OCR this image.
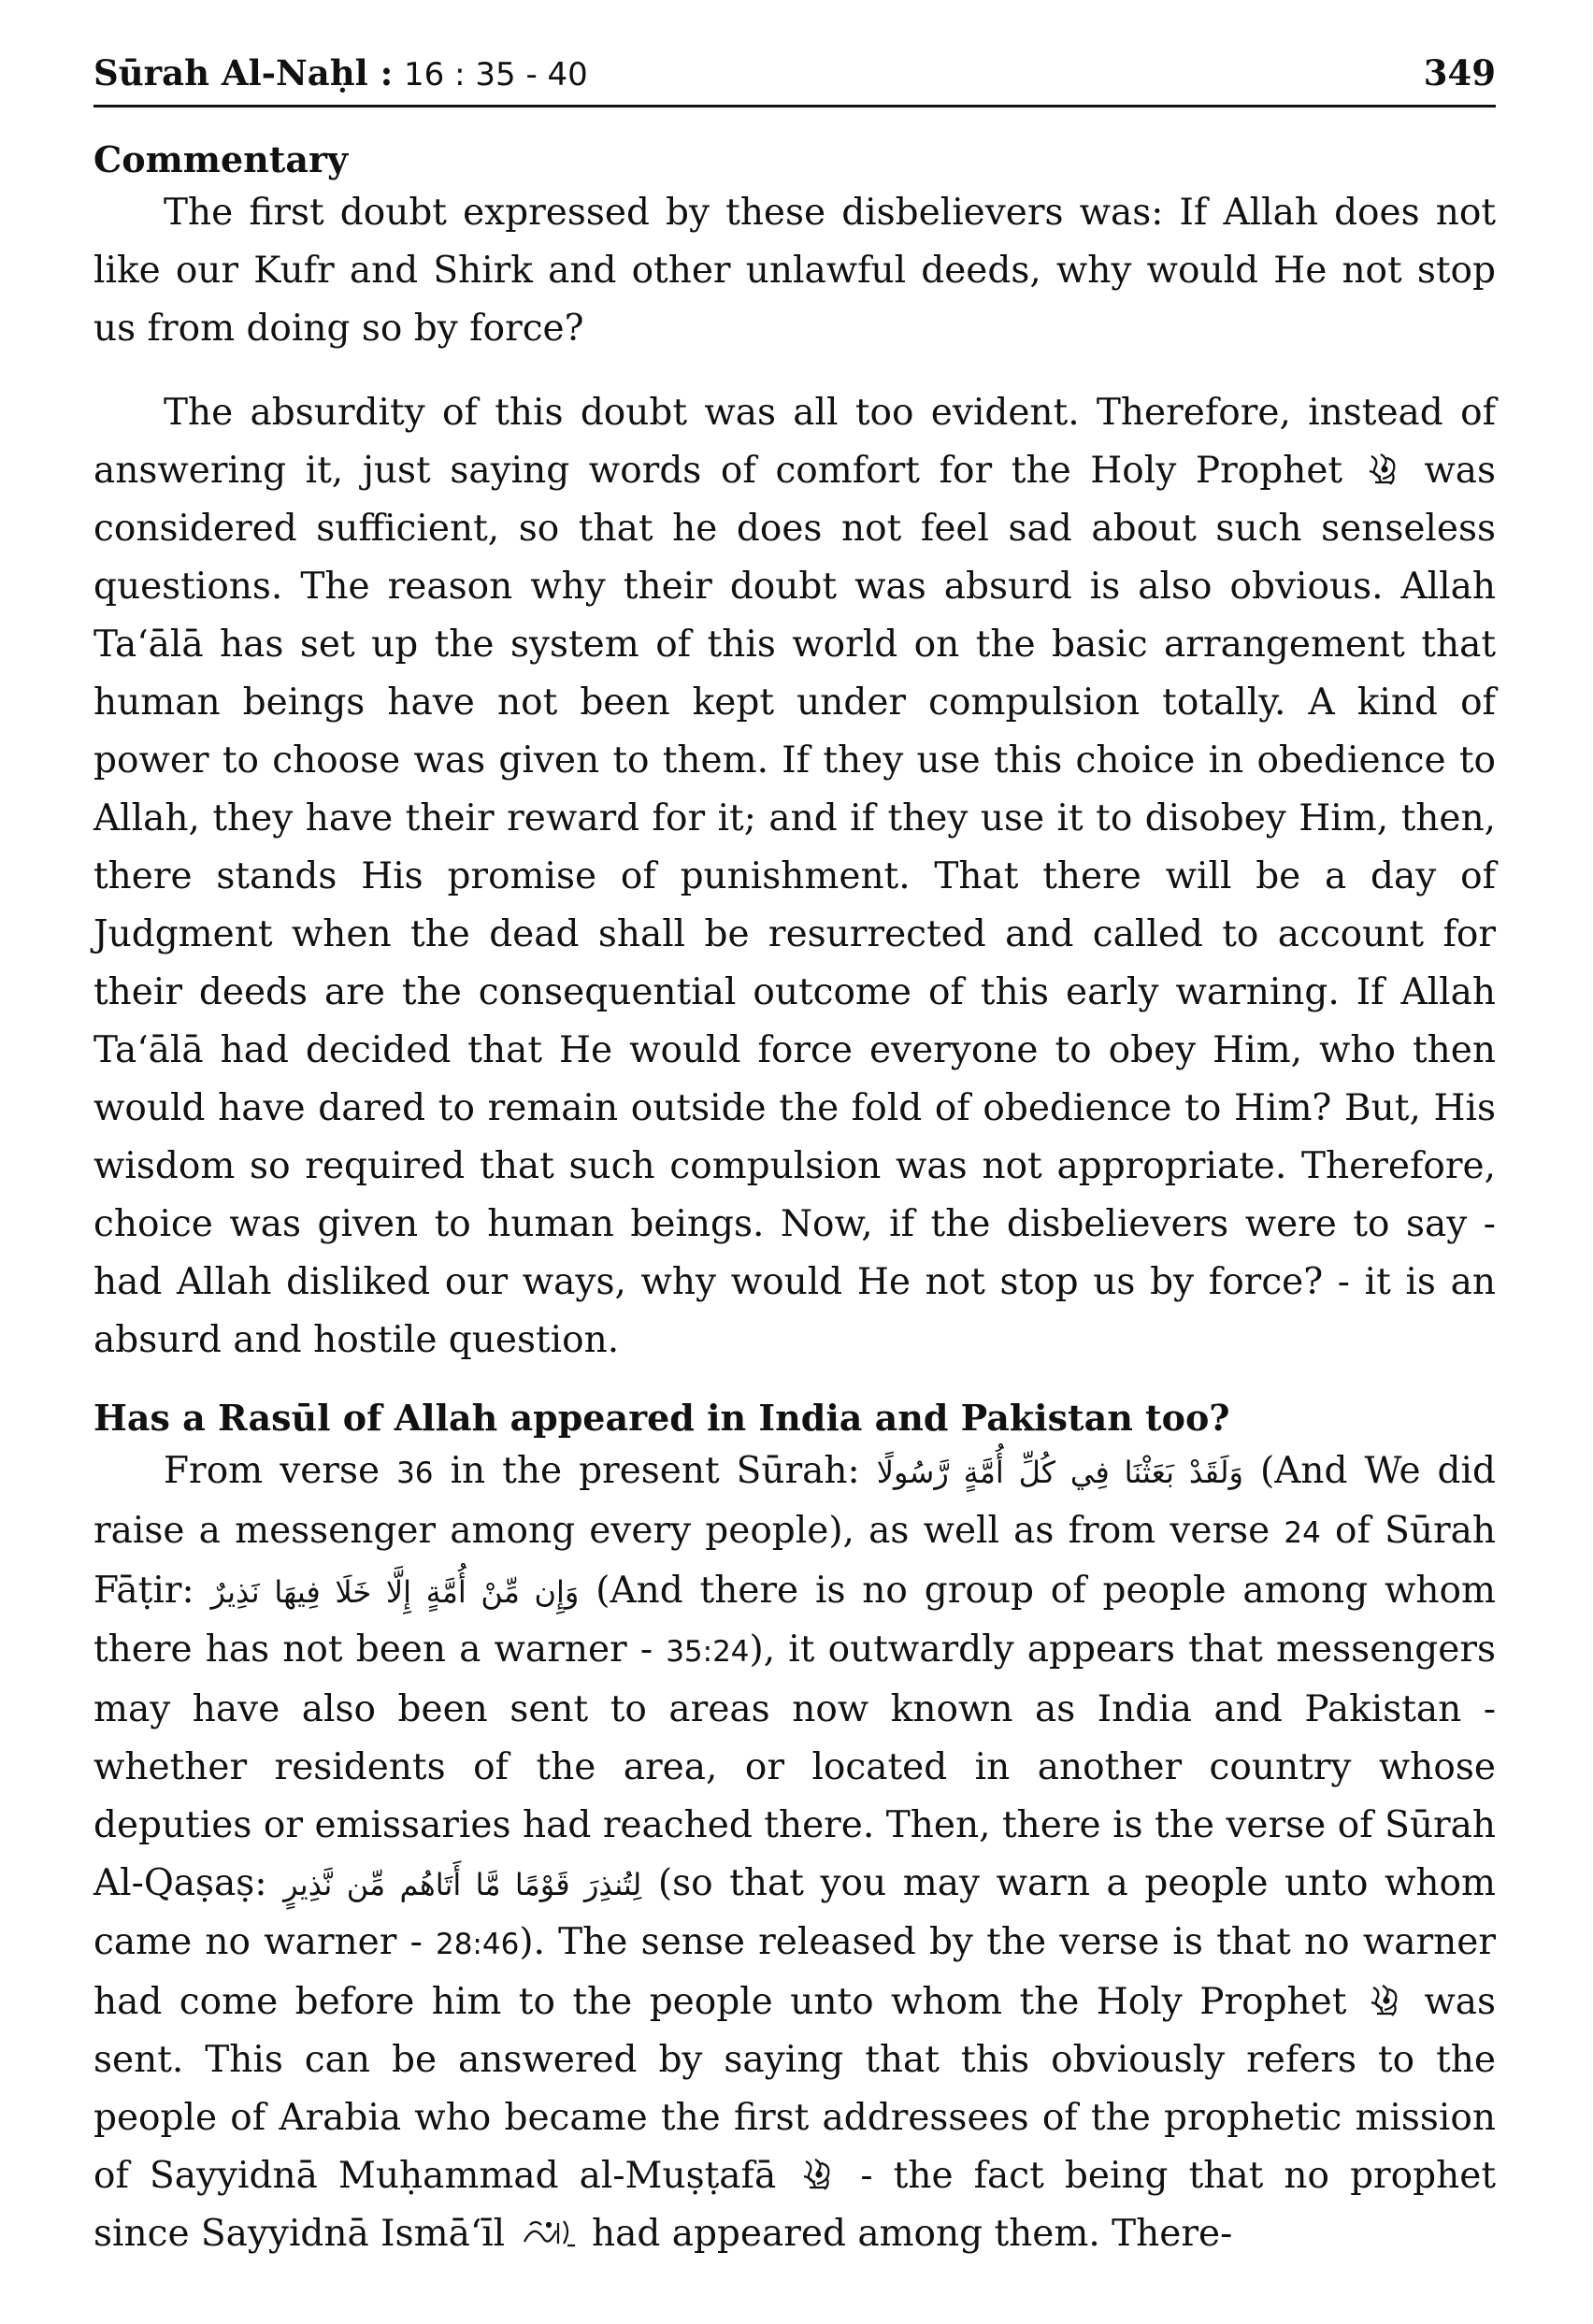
Sūrah Al-Naḥl : 16 : 35 - 40	349
Commentary

The first doubt expressed by these disbelievers was: If Allah does not like our Kufr and Shirk and other unlawful deeds, why would He not stop us from doing so by force?

The absurdity of this doubt was all too evident. Therefore, instead of answering it, just saying words of comfort for the Holy Prophet was considered sufficient, so that he does not feel sad about such senseless questions. The reason why their doubt was absurd is also obvious. Allah Ta‘ālā has set up the system of this world on the basic arrangement that human beings have not been kept under compulsion totally. A kind of power to choose was given to them. If they use this choice in obedience to Allah, they have their reward for it; and if they use it to disobey Him, then, there stands His promise of punishment. That there will be a day of Judgment when the dead shall be resurrected and called to account for their deeds are the consequential outcome of this early warning. If Allah Ta‘ālā had decided that He would force everyone to obey Him, who then would have dared to remain outside the fold of obedience to Him? But, His wisdom so required that such compulsion was not appropriate. Therefore, choice was given to human beings. Now, if the disbelievers were to say - had Allah disliked our ways, why would He not stop us by force? - it is an absurd and hostile question.

Has a Rasūl of Allah appeared in India and Pakistan too?

From verse 36 in the present Sūrah: وَلَقَدْ بَعَثْنَا فِي كُلِّ أُمَّةٍ رَّسُولًا (And We did raise a messenger among every people), as well as from verse 24 of Sūrah Fāṭir: وَإِن مِّنْ أُمَّةٍ إِلَّا خَلَا فِيهَا نَذِيرٌ (And there is no group of people among whom there has not been a warner - 35:24), it outwardly appears that messengers may have also been sent to areas now known as India and Pakistan - whether residents of the area, or located in another country whose deputies or emissaries had reached there. Then, there is the verse of Sūrah Al-Qaṣaṣ: لِتُنذِرَ قَوْمًا مَّا أَتَاهُم مِّن نَّذِيرٍ (so that you may warn a people unto whom came no warner - 28:46). The sense released by the verse is that no warner had come before him to the people unto whom the Holy Prophet was sent. This can be answered by saying that this obviously refers to the people of Arabia who became the first addressees of the prophetic mission of Sayyidnā Muḥammad al-Muṣṭafā - the fact being that no prophet since Sayyidnā Ismā‘īl had appeared among them. There-
